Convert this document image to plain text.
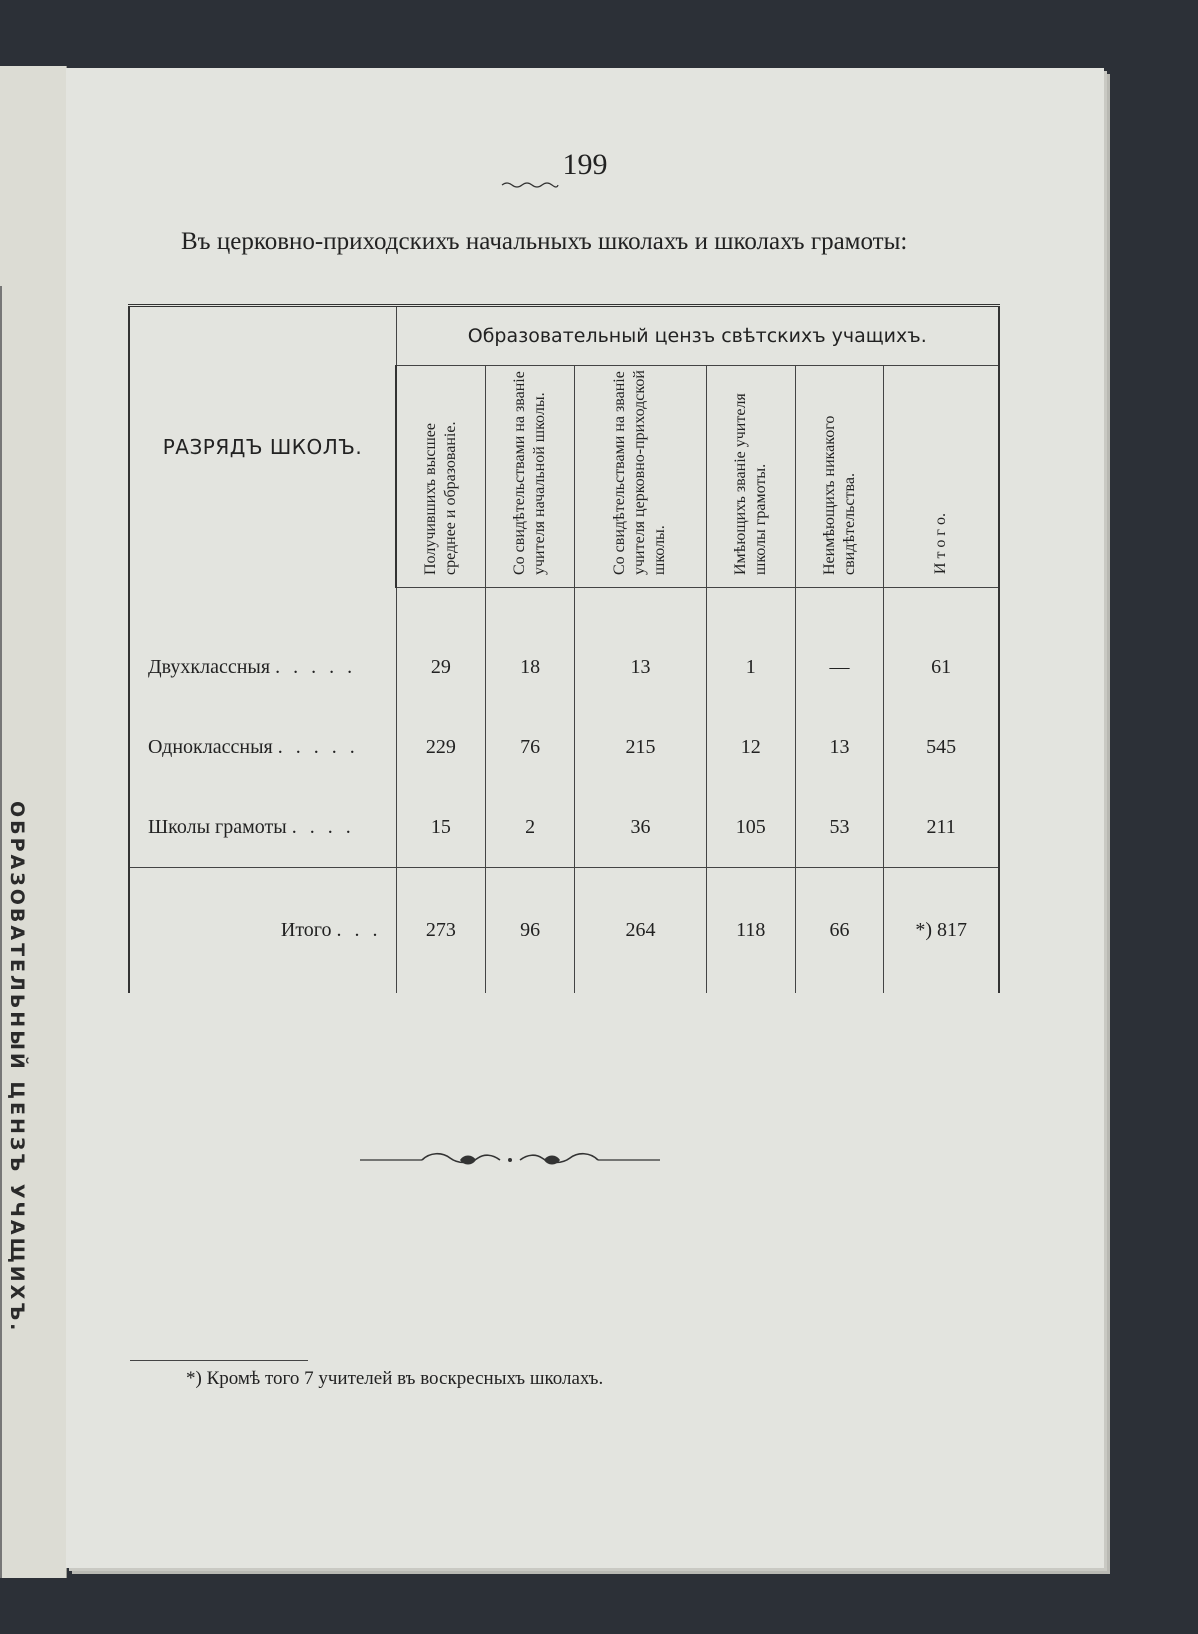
ОБРАЗОВАТЕЛЬНЫЙ ЦЕНЗЪ УЧАЩИХЪ.
199

Въ церковно-приходскихъ начальныхъ школахъ и школахъ грамоты:

РАЗРЯДЪ ШКОЛЪ.	Образовательный цензъ свѣтскихъ учащихъ.					

	Получившихъ высшее среднее и образованіе.	Со свидѣтельствами на званіе учителя начальной школы.	Со свидѣтельствами на званіе учителя церковно-приходской школы.	Имѣющихъ званіе учителя школы грамоты.	Неимѣющихъ никакого свидѣтельства.	И т о г о.

Двухклассныя . . . . .	29	18	13	1	—	61
Одноклассныя . . . . .	229	76	215	12	13	545
Школы грамоты . . . .	15	2	36	105	53	211
Итого . . .	273	96	264	118	66	*) 817
*) Кромѣ того 7 учителей въ воскресныхъ школахъ.
